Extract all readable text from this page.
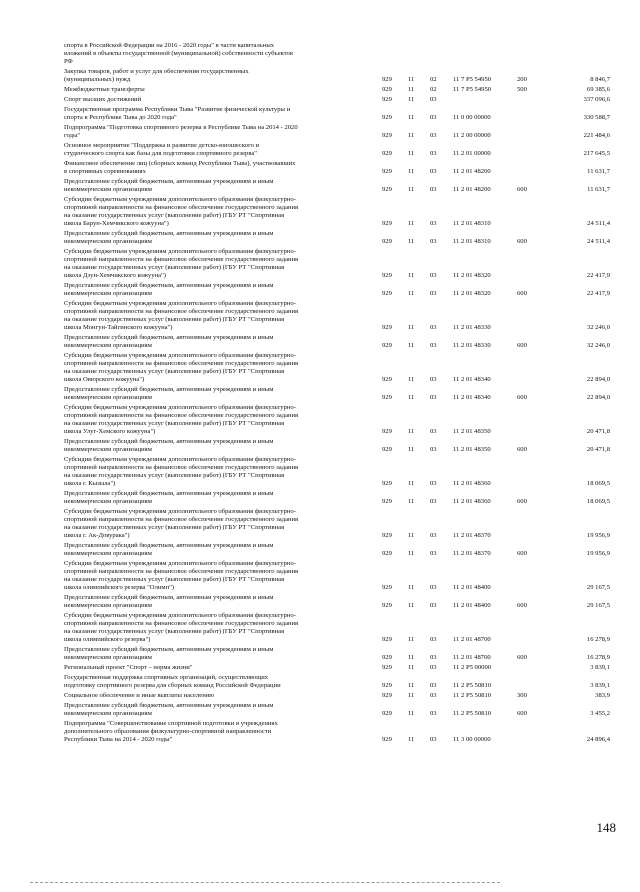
спорта в Российской Федерации на 2016 - 2020 годы" в части капитальных
вложений в объекты государственной (муниципальной) собственности субъектов
РФ
Закупка товаров, работ и услуг для обеспечения государственных
(муниципальных) нужд	929 11 02 11 7 Р5 54950	200	8 846,7
Межбюджетные трансферты	929 11 02 11 7 Р5 54950	500	69 385,6
Спорт высших достижений	929 11 03	337 096,6
Государственная программа Республики Тыва "Развитие физической культуры и
спорта в Республике Тыва до 2020 года"	929 11 03 11 0 00 00000	330 588,7
Подпрограмма "Подготовка спортивного резерва в Республике Тыва на 2014 - 2020
годы"	929 11 03 11 2 00 00000	221 484,6
Основное мероприятие "Поддержка и развитие детско-юношеского и
студенческого спорта как базы для подготовки спортивного резерва"	929 11 03 11 2 01 00000	217 645,5
Финансовое обеспечение лиц (сборных команд Республики Тыва), участвовавших
в спортивных соревнованиях	929 11 03 11 2 01 48200	11 631,7
Предоставление субсидий бюджетным, автономным учреждениям и иным
некоммерческим организациям	929 11 03 11 2 01 48200	600	11 631,7
Субсидии бюджетным учреждениям дополнительного образования физкультурно-
спортивной направленности на финансовое обеспечение государственного задания
на оказание государственных услуг (выполнение работ) (ГБУ РТ "Спортивная
школа Барун-Хемчикского кожууна")	929 11 03 11 2 01 48310	24 511,4
Предоставление субсидий бюджетным, автономным учреждениям и иным
некоммерческим организациям	929 11 03 11 2 01 48310	600	24 511,4
Субсидии бюджетным учреждениям дополнительного образования физкультурно-
спортивной направленности на финансовое обеспечение государственного задания
на оказание государственных услуг (выполнение работ) (ГБУ РТ "Спортивная
школа Дзун-Хемчикского кожууна")	929 11 03 11 2 01 48320	22 417,9
Предоставление субсидий бюджетным, автономным учреждениям и иным
некоммерческим организациям	929 11 03 11 2 01 48320	600	22 417,9
Субсидии бюджетным учреждениям дополнительного образования физкультурно-
спортивной направленности на финансовое обеспечение государственного задания
на оказание государственных услуг (выполнение работ) (ГБУ РТ "Спортивная
школа Монгун-Тайгинского кожууна")	929 11 03 11 2 01 48330	32 246,0
Предоставление субсидий бюджетным, автономным учреждениям и иным
некоммерческим организациям	929 11 03 11 2 01 48330	600	32 246,0
Субсидии бюджетным учреждениям дополнительного образования физкультурно-
спортивной направленности на финансовое обеспечение государственного задания
на оказание государственных услуг (выполнение работ) (ГБУ РТ "Спортивная
школа Овюрского кожууна")	929 11 03 11 2 01 48340	22 894,0
Предоставление субсидий бюджетным, автономным учреждениям и иным
некоммерческим организациям	929 11 03 11 2 01 48340	600	22 894,0
Субсидии бюджетным учреждениям дополнительного образования физкультурно-
спортивной направленности на финансовое обеспечение государственного задания
на оказание государственных услуг (выполнение работ) (ГБУ РТ "Спортивная
школа Улуг-Хемского кожууна")	929 11 03 11 2 01 48350	20 471,8
Предоставление субсидий бюджетным, автономным учреждениям и иным
некоммерческим организациям	929 11 03 11 2 01 48350	600	20 471,8
Субсидии бюджетным учреждениям дополнительного образования физкультурно-
спортивной направленности на финансовое обеспечение государственного задания
на оказание государственных услуг (выполнение работ) (ГБУ РТ "Спортивная
школа г. Кызыла")	929 11 03 11 2 01 48360	18 069,5
Предоставление субсидий бюджетным, автономным учреждениям и иным
некоммерческим организациям	929 11 03 11 2 01 48360	600	18 069,5
Субсидии бюджетным учреждениям дополнительного образования физкультурно-
спортивной направленности на финансовое обеспечение государственного задания
на оказание государственных услуг (выполнение работ) (ГБУ РТ "Спортивная
школа г. Ак-Довурака")	929 11 03 11 2 01 48370	19 956,9
Предоставление субсидий бюджетным, автономным учреждениям и иным
некоммерческим организациям	929 11 03 11 2 01 48370	600	19 956,9
Субсидии бюджетным учреждениям дополнительного образования физкультурно-
спортивной направленности на финансовое обеспечение государственного задания
на оказание государственных услуг (выполнение работ) (ГБУ РТ "Спортивная
школа олимпийского резерва "Олимп")	929 11 03 11 2 01 48400	29 167,5
Предоставление субсидий бюджетным, автономным учреждениям и иным
некоммерческим организациям	929 11 03 11 2 01 48400	600	29 167,5
Субсидии бюджетным учреждениям дополнительного образования физкультурно-
спортивной направленности на финансовое обеспечение государственного задания
на оказание государственных услуг (выполнение работ) (ГБУ РТ "Спортивная
школа олимпийского резерва")	929 11 03 11 2 01 48700	16 278,9
Предоставление субсидий бюджетным, автономным учреждениям и иным
некоммерческим организациям	929 11 03 11 2 01 48700	600	16 278,9
Региональный проект "Спорт – норма жизни"	929 11 03 11 2 P5 00000	3 839,1
Государственная поддержка спортивных организаций, осуществляющих
подготовку спортивного резерва для сборных команд Российской Федерации	929 11 03 11 2 P5 50810	3 839,1
Социальное обеспечение и иные выплаты населению	929 11 03 11 2 P5 50810	300	383,9
Предоставление субсидий бюджетным, автономным учреждениям и иным
некоммерческим организациям	929 11 03 11 2 P5 50810	600	3 455,2
Подпрограмма "Совершенствование спортивной подготовки в учреждениях
дополнительного образования физкультурно-спортивной направленности
Республики Тыва на 2014 - 2020 годы"	929 11 03 11 3 00 00000	24 896,4
148
